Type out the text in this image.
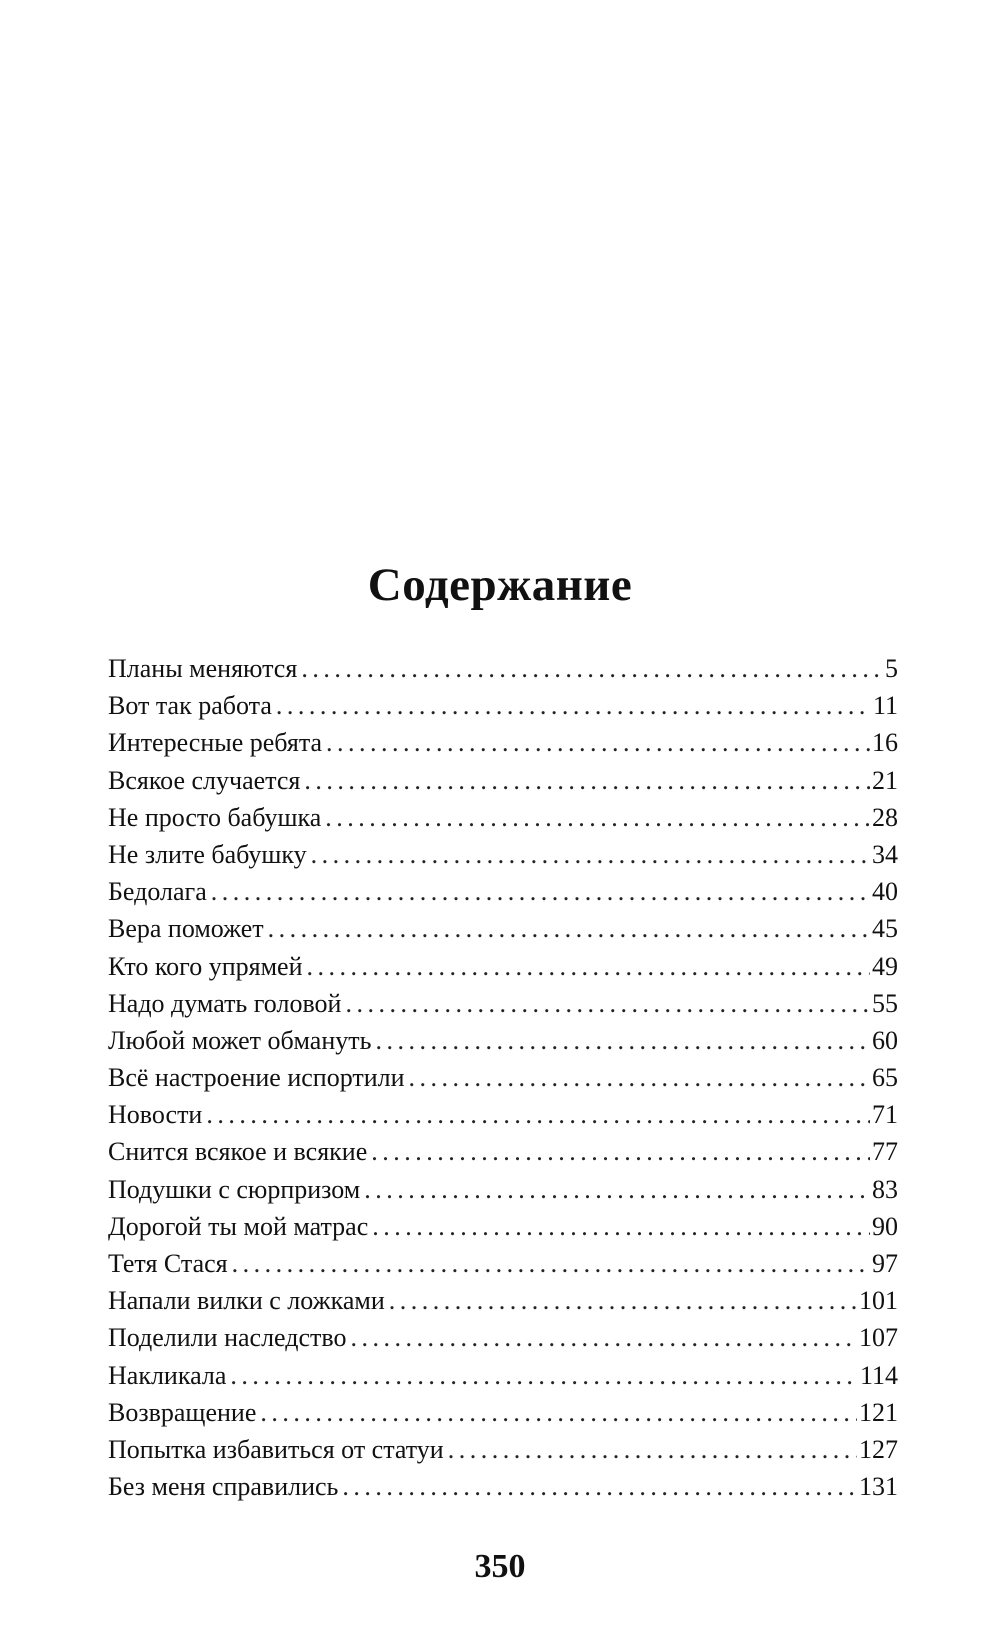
Содержание
Планы меняются . . .	5
Вот так работа . . .	11
Интересные ребята . . .	16
Всякое случается . . .	21
Не просто бабушка . . .	28
Не злите бабушку . . .	34
Бедолага . . .	40
Вера поможет . . .	45
Кто кого упрямей . . .	49
Надо думать головой . . .	55
Любой может обмануть . . .	60
Всё настроение испортили . . .	65
Новости . . .	71
Снится всякое и всякие . . .	77
Подушки с сюрпризом . . .	83
Дорогой ты мой матрас . . .	90
Тетя Стася . . .	97
Напали вилки с ложками . . .	101
Поделили наследство . . .	107
Накликала . . .	114
Возвращение . . .	121
Попытка избавиться от статуи . . .	127
Без меня справились . . .	131
350
